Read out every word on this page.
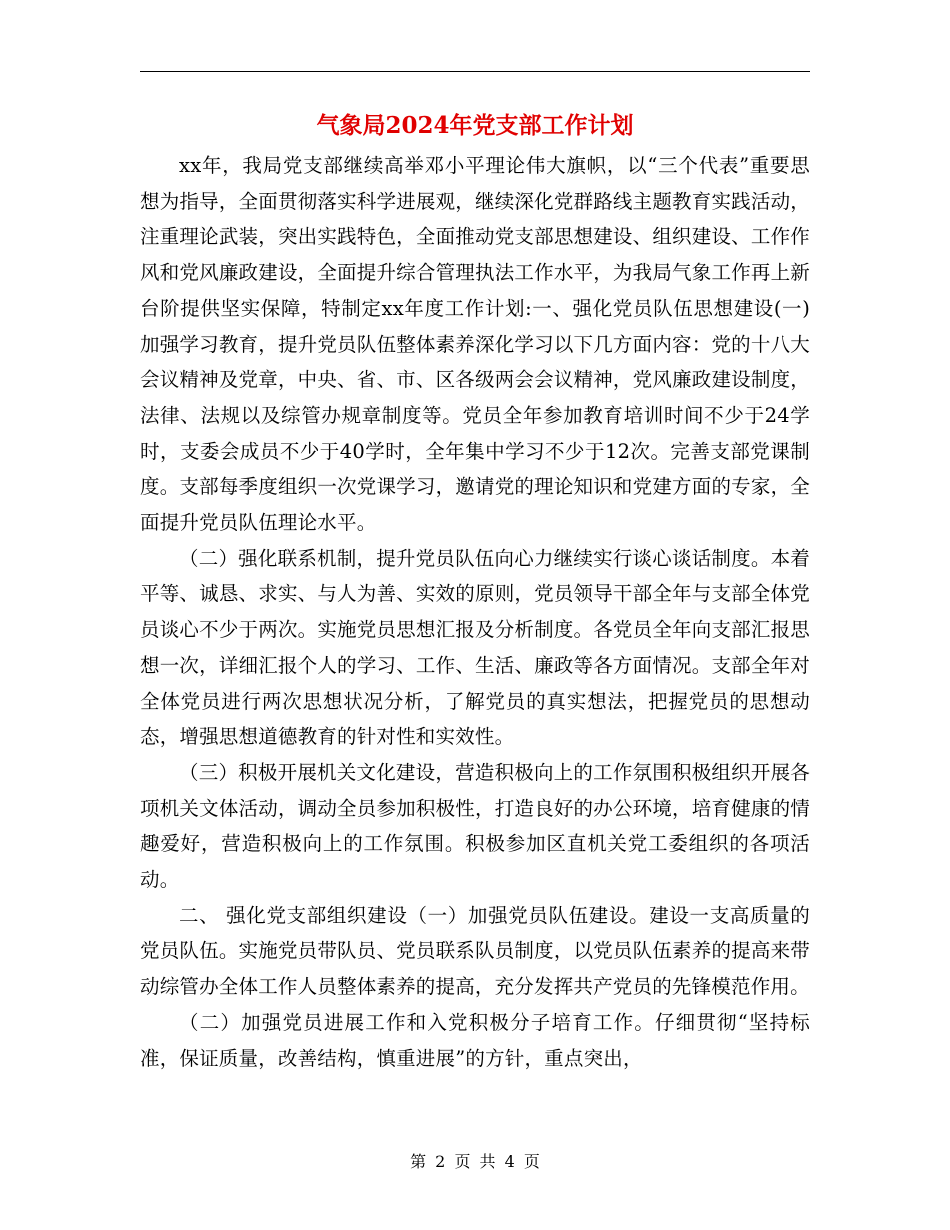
气象局2024年党支部工作计划

xx年，我局党支部继续高举邓小平理论伟大旗帜，以“三个代表”重要思想为指导，全面贯彻落实科学进展观，继续深化党群路线主题教育实践活动，注重理论武装，突出实践特色，全面推动党支部思想建设、组织建设、工作作风和党风廉政建设，全面提升综合管理执法工作水平，为我局气象工作再上新台阶提供坚实保障，特制定xx年度工作计划:一、强化党员队伍思想建设(一)加强学习教育，提升党员队伍整体素养深化学习以下几方面内容：党的十八大会议精神及党章，中央、省、市、区各级两会会议精神，党风廉政建设制度，法律、法规以及综管办规章制度等。党员全年参加教育培训时间不少于24学时，支委会成员不少于40学时，全年集中学习不少于12次。完善支部党课制度。支部每季度组织一次党课学习，邀请党的理论知识和党建方面的专家，全面提升党员队伍理论水平。

（二）强化联系机制，提升党员队伍向心力继续实行谈心谈话制度。本着平等、诚恳、求实、与人为善、实效的原则，党员领导干部全年与支部全体党员谈心不少于两次。实施党员思想汇报及分析制度。各党员全年向支部汇报思想一次，详细汇报个人的学习、工作、生活、廉政等各方面情况。支部全年对全体党员进行两次思想状况分析，了解党员的真实想法，把握党员的思想动态，增强思想道德教育的针对性和实效性。

（三）积极开展机关文化建设，营造积极向上的工作氛围积极组织开展各项机关文体活动，调动全员参加积极性，打造良好的办公环境，培育健康的情趣爱好，营造积极向上的工作氛围。积极参加区直机关党工委组织的各项活动。

二、 强化党支部组织建设（一）加强党员队伍建设。建设一支高质量的党员队伍。实施党员带队员、党员联系队员制度，以党员队伍素养的提高来带动综管办全体工作人员整体素养的提高，充分发挥共产党员的先锋模范作用。

（二）加强党员进展工作和入党积极分子培育工作。仔细贯彻“坚持标准，保证质量，改善结构，慎重进展”的方针，重点突出，

第 2 页 共 4 页
